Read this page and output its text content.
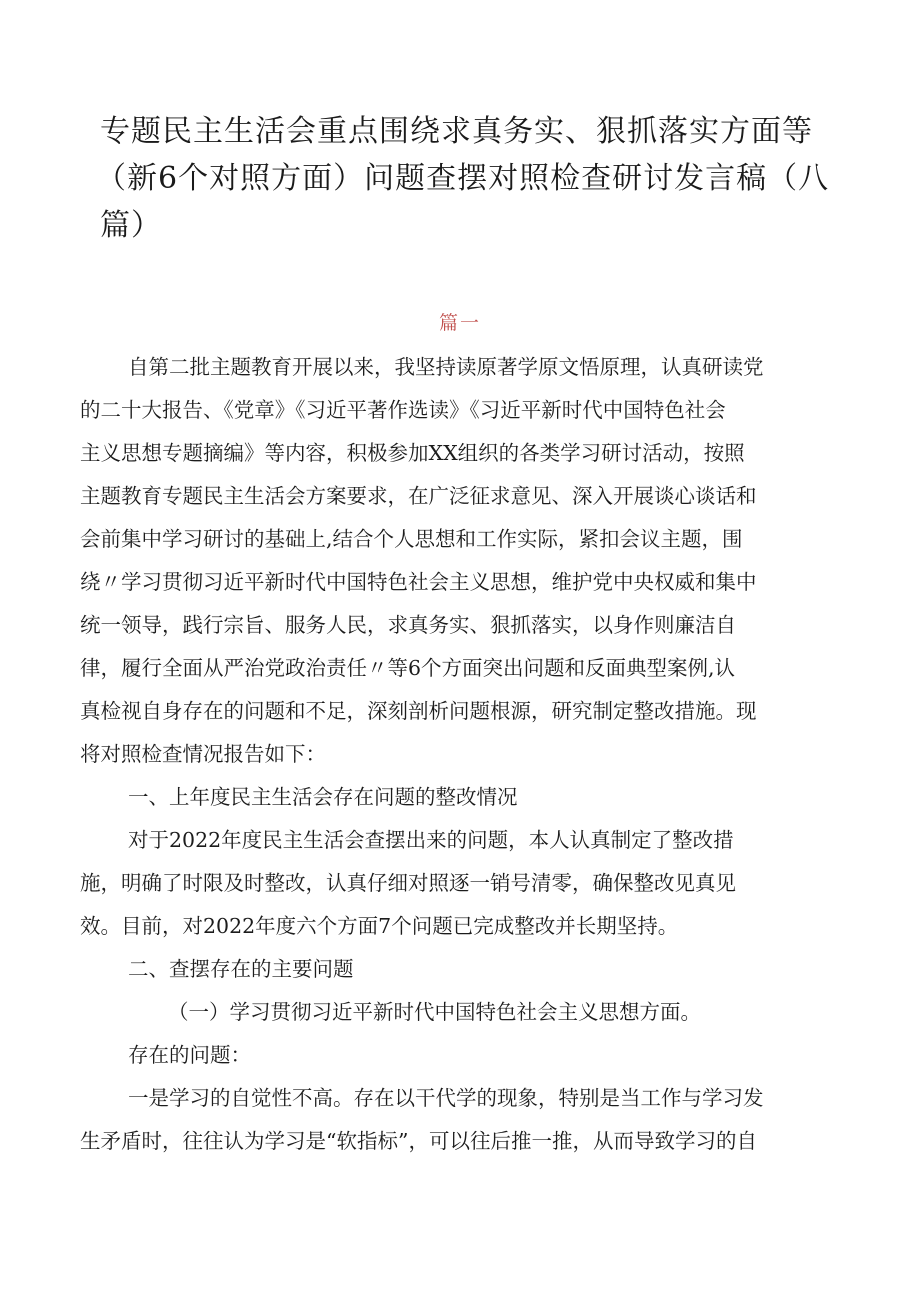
专题民主生活会重点围绕求真务实、狠抓落实方面等
（新6个对照方面）问题查摆对照检查研讨发言稿（八
篇）
篇一
自第二批主题教育开展以来，我坚持读原著学原文悟原理，认真研读党
的二十大报告、《党章》《习近平著作选读》《习近平新时代中国特色社会
主义思想专题摘编》等内容，积极参加XX组织的各类学习研讨活动，按照
主题教育专题民主生活会方案要求，在广泛征求意见、深入开展谈心谈话和
会前集中学习研讨的基础上,结合个人思想和工作实际，紧扣会议主题，围
绕〃学习贯彻习近平新时代中国特色社会主义思想，维护党中央权威和集中
统一领导，践行宗旨、服务人民，求真务实、狠抓落实，以身作则廉洁自
律，履行全面从严治党政治责任〃等6个方面突出问题和反面典型案例,认
真检视自身存在的问题和不足，深刻剖析问题根源，研究制定整改措施。现
将对照检查情况报告如下：
一、上年度民主生活会存在问题的整改情况
对于2022年度民主生活会查摆出来的问题，本人认真制定了整改措
施，明确了时限及时整改，认真仔细对照逐一销号清零，确保整改见真见
效。目前，对2022年度六个方面7个问题已完成整改并长期坚持。
二、查摆存在的主要问题
（一）学习贯彻习近平新时代中国特色社会主义思想方面。
存在的问题：
一是学习的自觉性不高。存在以干代学的现象，特别是当工作与学习发
生矛盾时，往往认为学习是“软指标”，可以往后推一推，从而导致学习的自
